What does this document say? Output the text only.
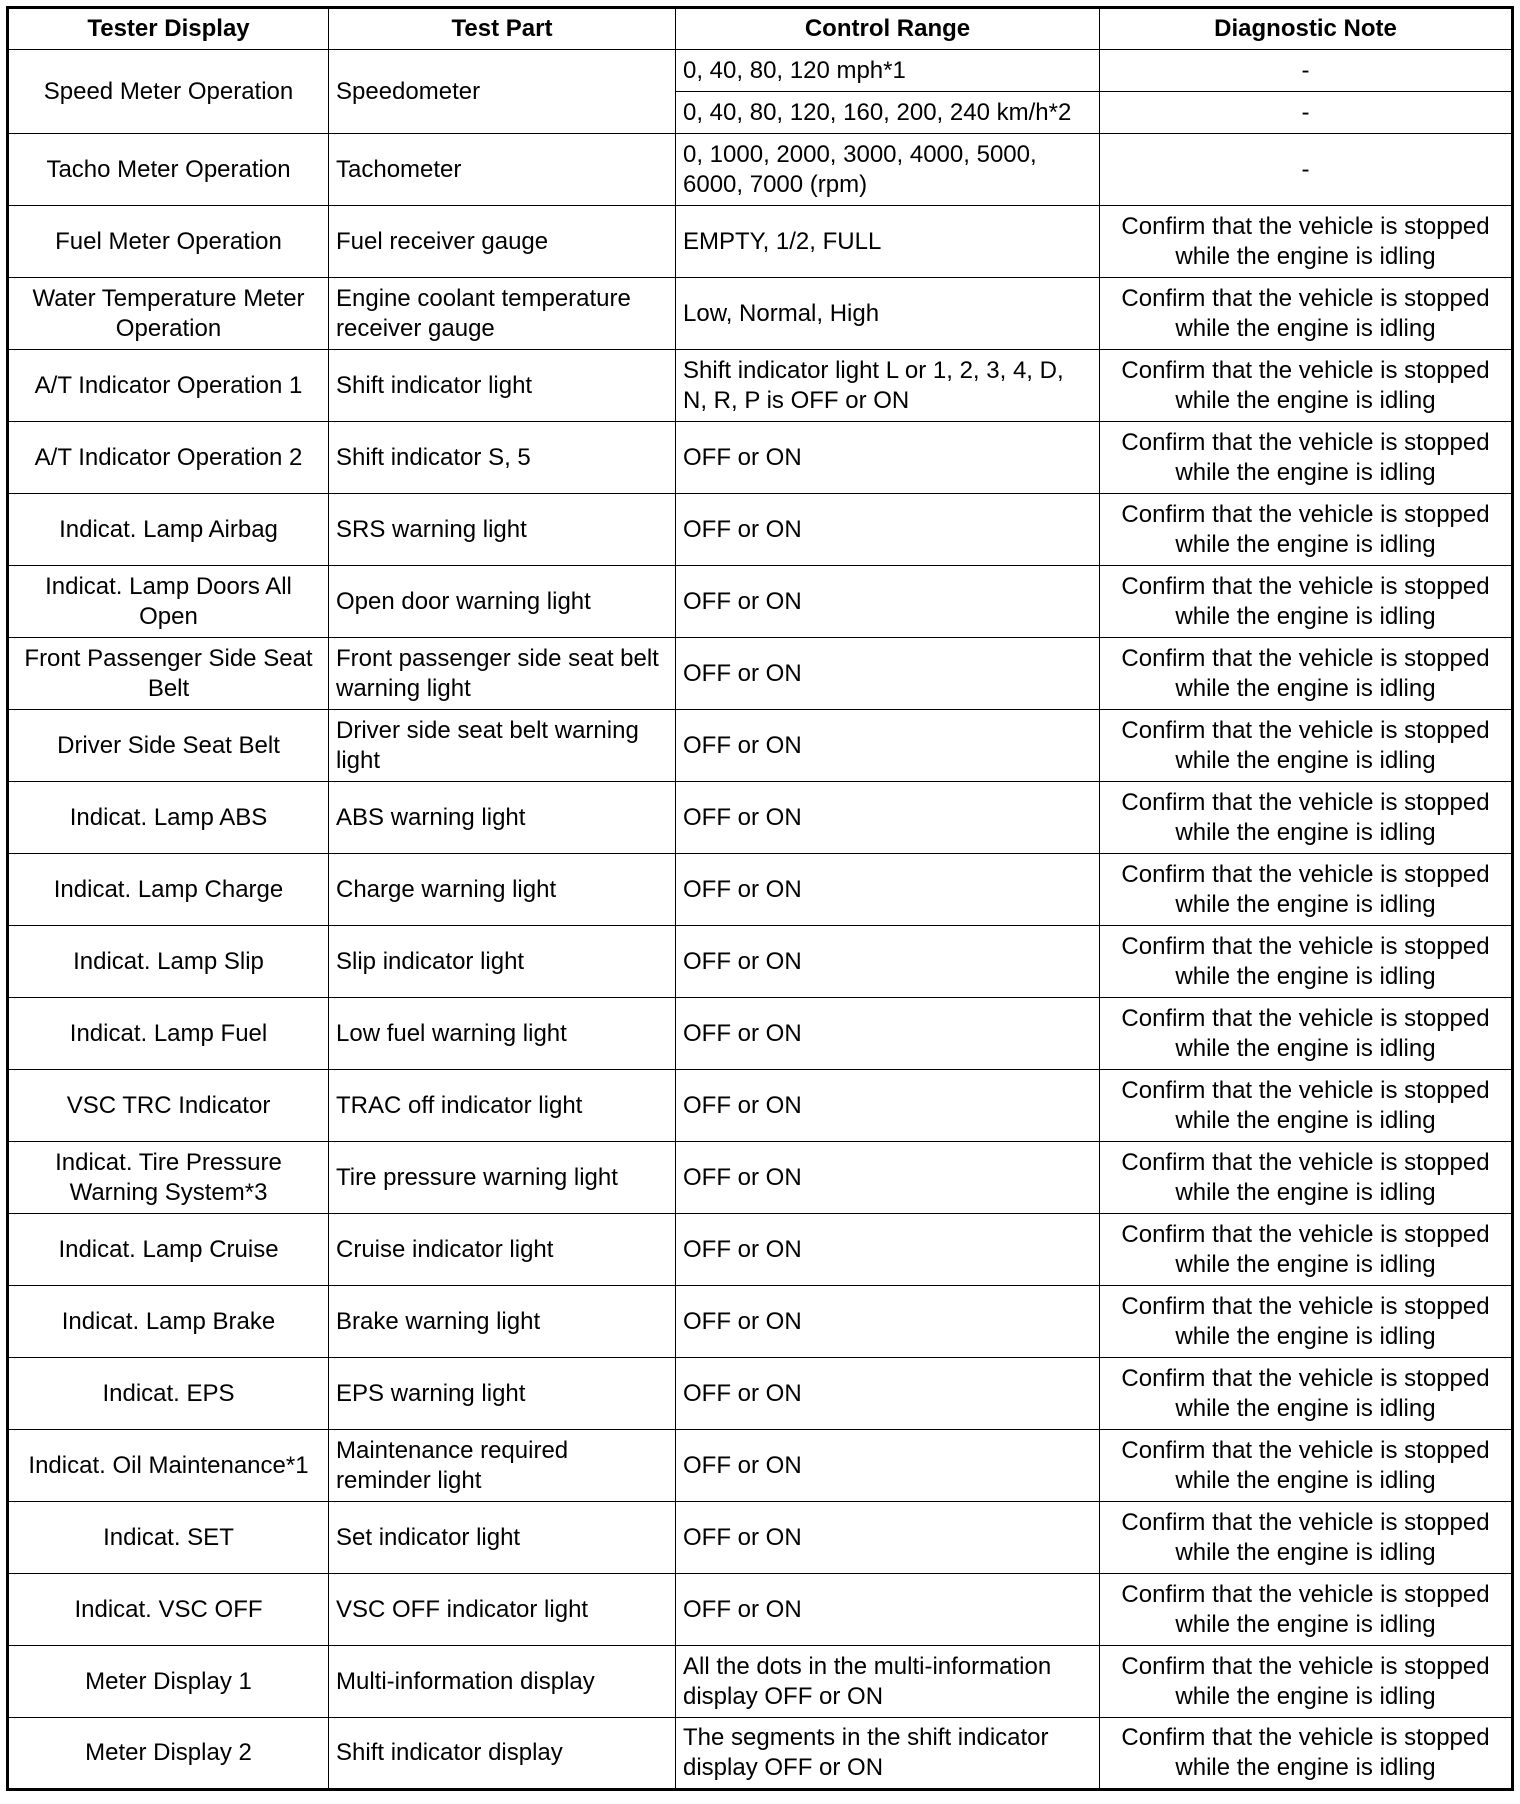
Tester Display	Test Part	Control Range	Diagnostic Note
Speed Meter Operation	Speedometer	0, 40, 80, 120 mph*1	-
		0, 40, 80, 120, 160, 200, 240 km/h*2	-
Tacho Meter Operation	Tachometer	0, 1000, 2000, 3000, 4000, 5000, 6000, 7000 (rpm)	-
Fuel Meter Operation	Fuel receiver gauge	EMPTY, 1/2, FULL	Confirm that the vehicle is stopped while the engine is idling
Water Temperature Meter Operation	Engine coolant temperature receiver gauge	Low, Normal, High	Confirm that the vehicle is stopped while the engine is idling
A/T Indicator Operation 1	Shift indicator light	Shift indicator light L or 1, 2, 3, 4, D, N, R, P is OFF or ON	Confirm that the vehicle is stopped while the engine is idling
A/T Indicator Operation 2	Shift indicator S, 5	OFF or ON	Confirm that the vehicle is stopped while the engine is idling
Indicat. Lamp Airbag	SRS warning light	OFF or ON	Confirm that the vehicle is stopped while the engine is idling
Indicat. Lamp Doors All Open	Open door warning light	OFF or ON	Confirm that the vehicle is stopped while the engine is idling
Front Passenger Side Seat Belt	Front passenger side seat belt warning light	OFF or ON	Confirm that the vehicle is stopped while the engine is idling
Driver Side Seat Belt	Driver side seat belt warning light	OFF or ON	Confirm that the vehicle is stopped while the engine is idling
Indicat. Lamp ABS	ABS warning light	OFF or ON	Confirm that the vehicle is stopped while the engine is idling
Indicat. Lamp Charge	Charge warning light	OFF or ON	Confirm that the vehicle is stopped while the engine is idling
Indicat. Lamp Slip	Slip indicator light	OFF or ON	Confirm that the vehicle is stopped while the engine is idling
Indicat. Lamp Fuel	Low fuel warning light	OFF or ON	Confirm that the vehicle is stopped while the engine is idling
VSC TRC Indicator	TRAC off indicator light	OFF or ON	Confirm that the vehicle is stopped while the engine is idling
Indicat. Tire Pressure Warning System*3	Tire pressure warning light	OFF or ON	Confirm that the vehicle is stopped while the engine is idling
Indicat. Lamp Cruise	Cruise indicator light	OFF or ON	Confirm that the vehicle is stopped while the engine is idling
Indicat. Lamp Brake	Brake warning light	OFF or ON	Confirm that the vehicle is stopped while the engine is idling
Indicat. EPS	EPS warning light	OFF or ON	Confirm that the vehicle is stopped while the engine is idling
Indicat. Oil Maintenance*1	Maintenance required reminder light	OFF or ON	Confirm that the vehicle is stopped while the engine is idling
Indicat. SET	Set indicator light	OFF or ON	Confirm that the vehicle is stopped while the engine is idling
Indicat. VSC OFF	VSC OFF indicator light	OFF or ON	Confirm that the vehicle is stopped while the engine is idling
Meter Display 1	Multi-information display	All the dots in the multi-information display OFF or ON	Confirm that the vehicle is stopped while the engine is idling
Meter Display 2	Shift indicator display	The segments in the shift indicator display OFF or ON	Confirm that the vehicle is stopped while the engine is idling
